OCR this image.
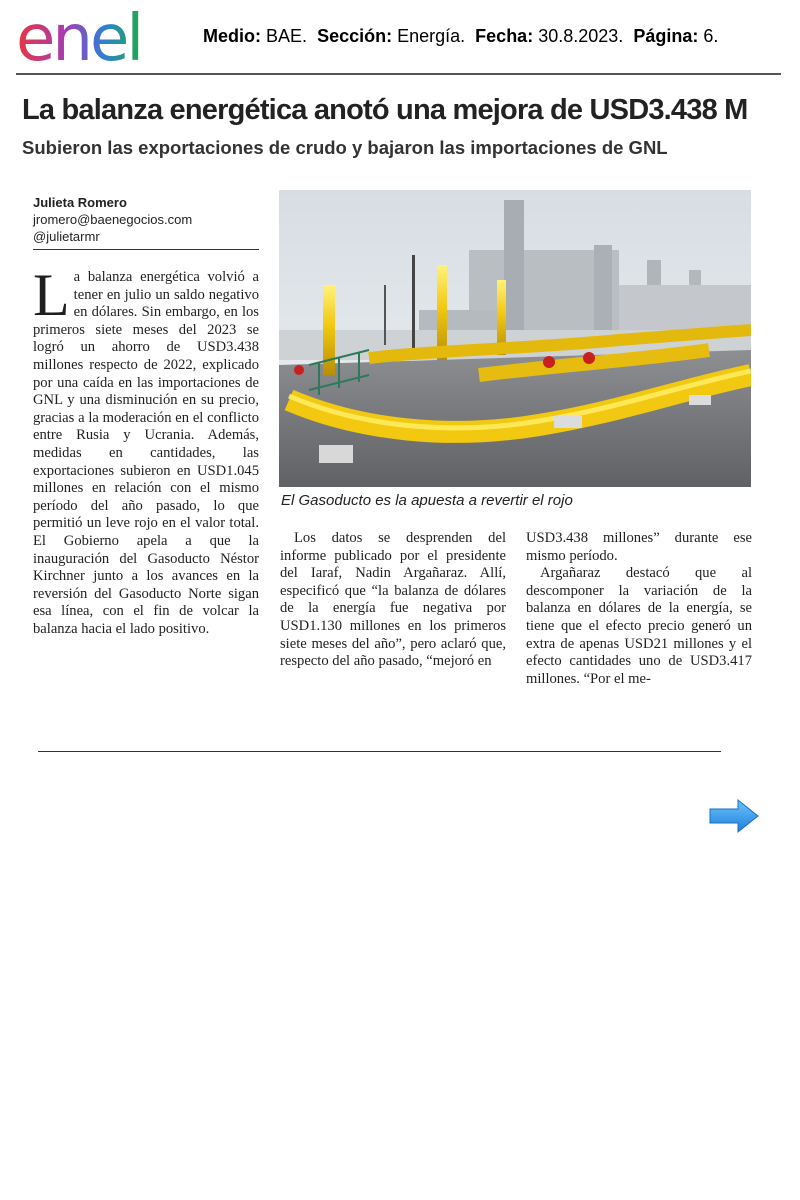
enel	Medio: BAE. Sección: Energía. Fecha: 30.8.2023. Página: 6.
La balanza energética anotó una mejora de USD3.438 M
Subieron las exportaciones de crudo y bajaron las importaciones de GNL
Julieta Romero
jromero@baenegocios.com
@julietarmr

La balanza energética volvió a tener en julio un saldo negativo en dólares. Sin embargo, en los primeros siete meses del 2023 se logró un ahorro de USD3.438 millones respecto de 2022, explicado por una caída en las importaciones de GNL y una disminución en su precio, gracias a la moderación en el conflicto entre Rusia y Ucrania. Además, medidas en cantidades, las exportaciones subieron en USD1.045 millones en relación con el mismo período del año pasado, lo que permitió un leve rojo en el valor total. El Gobierno apela a que la inauguración del Gasoducto Néstor Kirchner junto a los avances en la reversión del Gasoducto Norte sigan esa línea, con el fin de volcar la balanza hacia el lado positivo.

El Gasoducto es la apuesta a revertir el rojo

Los datos se desprenden del informe publicado por el presidente del Iaraf, Nadin Argañaraz. Allí, especificó que “la balanza de dólares de la energía fue negativa por USD1.130 millones en los primeros siete meses del año”, pero aclaró que, respecto del año pasado, “mejoró en

USD3.438 millones” durante ese mismo período.
Argañaraz destacó que al descomponer la variación de la balanza en dólares de la energía, se tiene que el efecto precio generó un extra de apenas USD21 millones y el efecto cantidades uno de USD3.417 millones. “Por el me-
